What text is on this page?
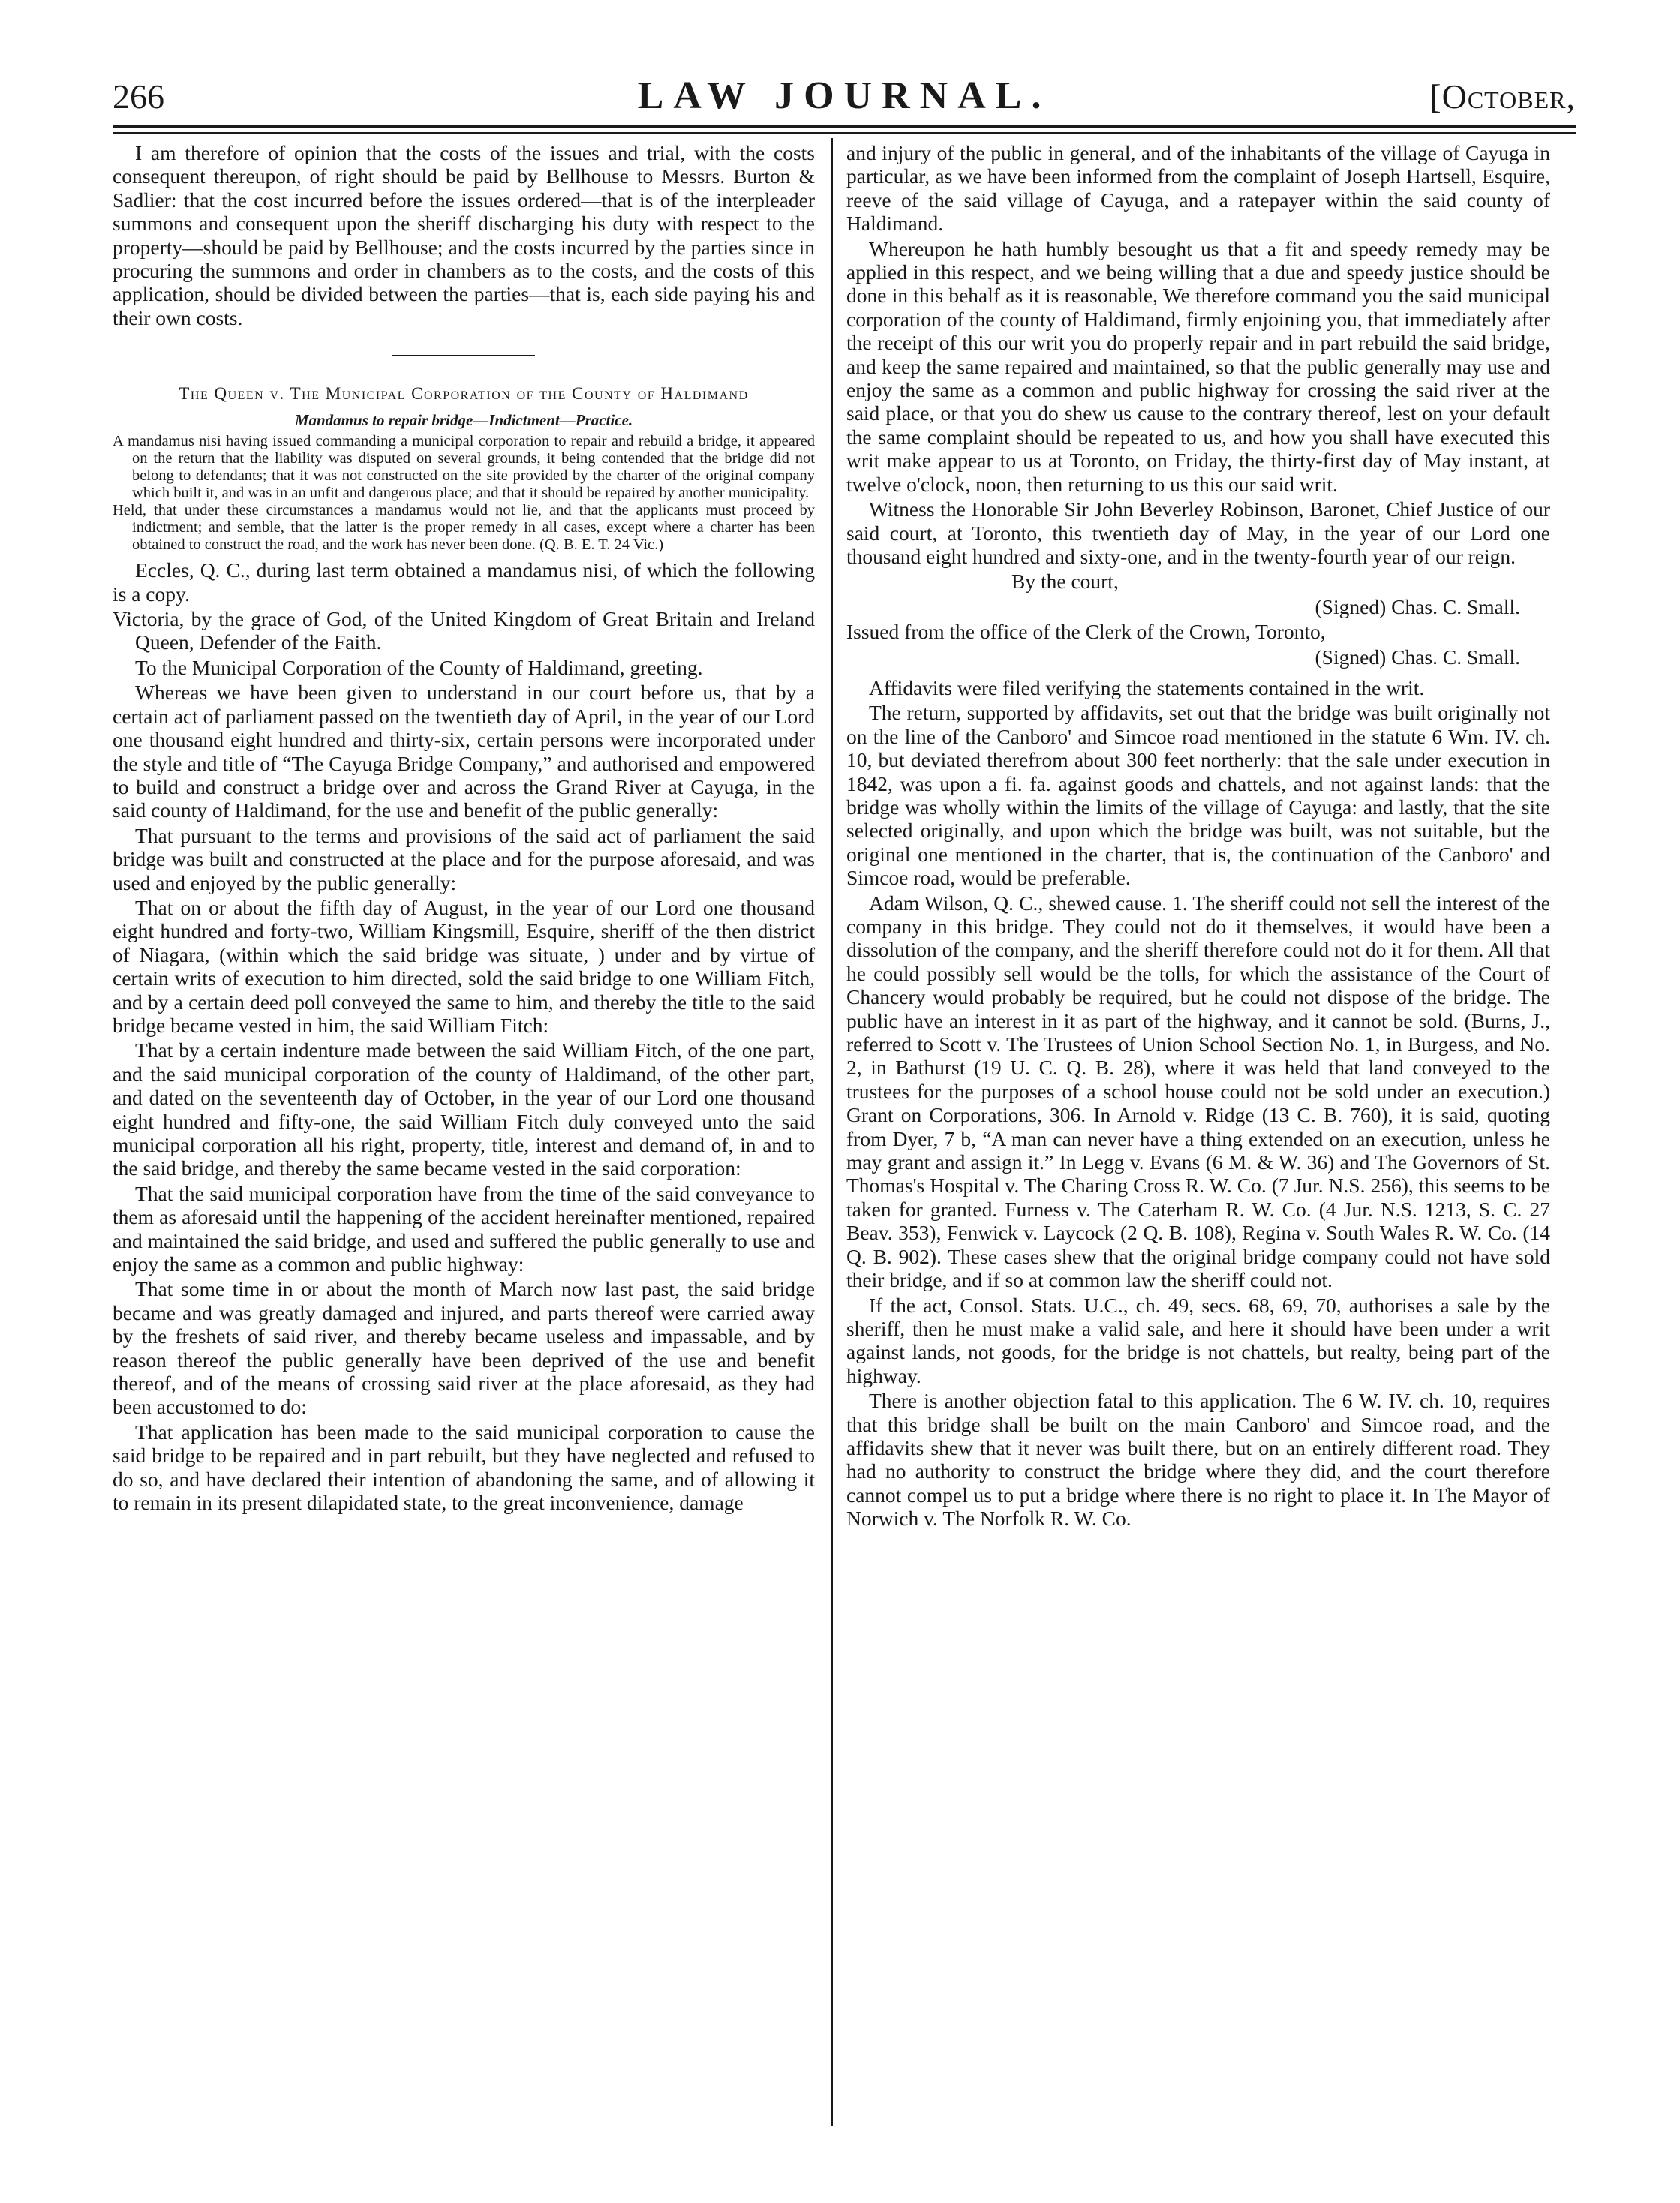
266	LAW JOURNAL.	[October,

I am therefore of opinion that the costs of the issues and trial, with the costs consequent thereupon, of right should be paid by Bellhouse to Messrs. Burton & Sadlier: that the cost incurred before the issues ordered—that is of the interpleader summons and consequent upon the sheriff discharging his duty with respect to the property—should be paid by Bellhouse; and the costs incurred by the parties since in procuring the summons and order in chambers as to the costs, and the costs of this application, should be divided between the parties—that is, each side paying his and their own costs.

The Queen v. The Municipal Corporation of the County of Haldimand

Mandamus to repair bridge—Indictment—Practice.

A mandamus nisi having issued commanding a municipal corporation to repair and rebuild a bridge, it appeared on the return that the liability was disputed on several grounds, it being contended that the bridge did not belong to defendants; that it was not constructed on the site provided by the charter of the original company which built it, and was in an unfit and dangerous place; and that it should be repaired by another municipality.

Held, that under these circumstances a mandamus would not lie, and that the applicants must proceed by indictment; and semble, that the latter is the proper remedy in all cases, except where a charter has been obtained to construct the road, and the work has never been done. (Q. B. E. T. 24 Vic.)

Eccles, Q. C., during last term obtained a mandamus nisi, of which the following is a copy.

Victoria, by the grace of God, of the United Kingdom of Great Britain and Ireland Queen, Defender of the Faith.

To the Municipal Corporation of the County of Haldimand, greeting.

Whereas we have been given to understand in our court before us, that by a certain act of parliament passed on the twentieth day of April, in the year of our Lord one thousand eight hundred and thirty-six, certain persons were incorporated under the style and title of “The Cayuga Bridge Company,” and authorised and empowered to build and construct a bridge over and across the Grand River at Cayuga, in the said county of Haldimand, for the use and benefit of the public generally:

That pursuant to the terms and provisions of the said act of parliament the said bridge was built and constructed at the place and for the purpose aforesaid, and was used and enjoyed by the public generally:

That on or about the fifth day of August, in the year of our Lord one thousand eight hundred and forty-two, William Kingsmill, Esquire, sheriff of the then district of Niagara, (within which the said bridge was situate, ) under and by virtue of certain writs of execution to him directed, sold the said bridge to one William Fitch, and by a certain deed poll conveyed the same to him, and thereby the title to the said bridge became vested in him, the said William Fitch:

That by a certain indenture made between the said William Fitch, of the one part, and the said municipal corporation of the county of Haldimand, of the other part, and dated on the seventeenth day of October, in the year of our Lord one thousand eight hundred and fifty-one, the said William Fitch duly conveyed unto the said municipal corporation all his right, property, title, interest and demand of, in and to the said bridge, and thereby the same became vested in the said corporation:

That the said municipal corporation have from the time of the said conveyance to them as aforesaid until the happening of the accident hereinafter mentioned, repaired and maintained the said bridge, and used and suffered the public generally to use and enjoy the same as a common and public highway:

That some time in or about the month of March now last past, the said bridge became and was greatly damaged and injured, and parts thereof were carried away by the freshets of said river, and thereby became useless and impassable, and by reason thereof the public generally have been deprived of the use and benefit thereof, and of the means of crossing said river at the place aforesaid, as they had been accustomed to do:

That application has been made to the said municipal corporation to cause the said bridge to be repaired and in part rebuilt, but they have neglected and refused to do so, and have declared their intention of abandoning the same, and of allowing it to remain in its present dilapidated state, to the great inconvenience, damage

and injury of the public in general, and of the inhabitants of the village of Cayuga in particular, as we have been informed from the complaint of Joseph Hartsell, Esquire, reeve of the said village of Cayuga, and a ratepayer within the said county of Haldimand.

Whereupon he hath humbly besought us that a fit and speedy remedy may be applied in this respect, and we being willing that a due and speedy justice should be done in this behalf as it is reasonable, We therefore command you the said municipal corporation of the county of Haldimand, firmly enjoining you, that immediately after the receipt of this our writ you do properly repair and in part rebuild the said bridge, and keep the same repaired and maintained, so that the public generally may use and enjoy the same as a common and public highway for crossing the said river at the said place, or that you do shew us cause to the contrary thereof, lest on your default the same complaint should be repeated to us, and how you shall have executed this writ make appear to us at Toronto, on Friday, the thirty-first day of May instant, at twelve o'clock, noon, then returning to us this our said writ.

Witness the Honorable Sir John Beverley Robinson, Baronet, Chief Justice of our said court, at Toronto, this twentieth day of May, in the year of our Lord one thousand eight hundred and sixty-one, and in the twenty-fourth year of our reign.

By the court,

(Signed) Chas. C. Small.

Issued from the office of the Clerk of the Crown, Toronto,

(Signed) Chas. C. Small.

Affidavits were filed verifying the statements contained in the writ.

The return, supported by affidavits, set out that the bridge was built originally not on the line of the Canboro' and Simcoe road mentioned in the statute 6 Wm. IV. ch. 10, but deviated therefrom about 300 feet northerly: that the sale under execution in 1842, was upon a fi. fa. against goods and chattels, and not against lands: that the bridge was wholly within the limits of the village of Cayuga: and lastly, that the site selected originally, and upon which the bridge was built, was not suitable, but the original one mentioned in the charter, that is, the continuation of the Canboro' and Simcoe road, would be preferable.

Adam Wilson, Q. C., shewed cause. 1. The sheriff could not sell the interest of the company in this bridge. They could not do it themselves, it would have been a dissolution of the company, and the sheriff therefore could not do it for them. All that he could possibly sell would be the tolls, for which the assistance of the Court of Chancery would probably be required, but he could not dispose of the bridge. The public have an interest in it as part of the highway, and it cannot be sold. (Burns, J., referred to Scott v. The Trustees of Union School Section No. 1, in Burgess, and No. 2, in Bathurst (19 U. C. Q. B. 28), where it was held that land conveyed to the trustees for the purposes of a school house could not be sold under an execution.) Grant on Corporations, 306. In Arnold v. Ridge (13 C. B. 760), it is said, quoting from Dyer, 7 b, “A man can never have a thing extended on an execution, unless he may grant and assign it.” In Legg v. Evans (6 M. & W. 36) and The Governors of St. Thomas's Hospital v. The Charing Cross R. W. Co. (7 Jur. N.S. 256), this seems to be taken for granted. Furness v. The Caterham R. W. Co. (4 Jur. N.S. 1213, S. C. 27 Beav. 353), Fenwick v. Laycock (2 Q. B. 108), Regina v. South Wales R. W. Co. (14 Q. B. 902). These cases shew that the original bridge company could not have sold their bridge, and if so at common law the sheriff could not.

If the act, Consol. Stats. U.C., ch. 49, secs. 68, 69, 70, authorises a sale by the sheriff, then he must make a valid sale, and here it should have been under a writ against lands, not goods, for the bridge is not chattels, but realty, being part of the highway.

There is another objection fatal to this application. The 6 W. IV. ch. 10, requires that this bridge shall be built on the main Canboro' and Simcoe road, and the affidavits shew that it never was built there, but on an entirely different road. They had no authority to construct the bridge where they did, and the court therefore cannot compel us to put a bridge where there is no right to place it. In The Mayor of Norwich v. The Norfolk R. W. Co.
